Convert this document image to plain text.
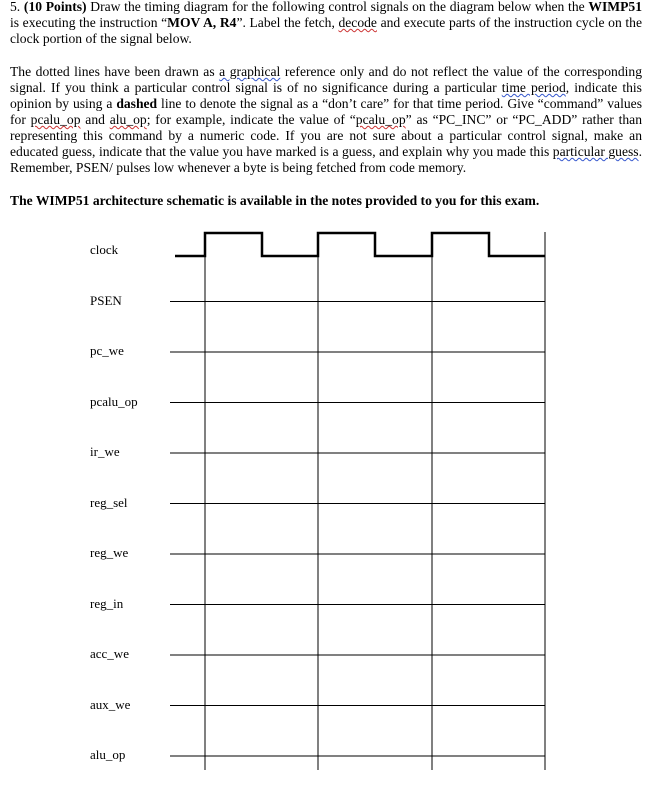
5. (10 Points) Draw the timing diagram for the following control signals on the diagram below when the WIMP51 is executing the instruction “MOV A, R4”. Label the fetch, decode and execute parts of the instruction cycle on the clock portion of the signal below.

The dotted lines have been drawn as a graphical reference only and do not reflect the value of the corresponding signal. If you think a particular control signal is of no significance during a particular time period, indicate this opinion by using a dashed line to denote the signal as a “don’t care” for that time period. Give “command” values for pcalu_op and alu_op; for example, indicate the value of “pcalu_op” as “PC_INC” or “PC_ADD” rather than representing this command by a numeric code. If you are not sure about a particular control signal, make an educated guess, indicate that the value you have marked is a guess, and explain why you made this particular guess. Remember, PSEN/ pulses low whenever a byte is being fetched from code memory.

The WIMP51 architecture schematic is available in the notes provided to you for this exam.

clock
PSEN
pc_we
pcalu_op
ir_we
reg_sel
reg_we
reg_in
acc_we
aux_we
alu_op
